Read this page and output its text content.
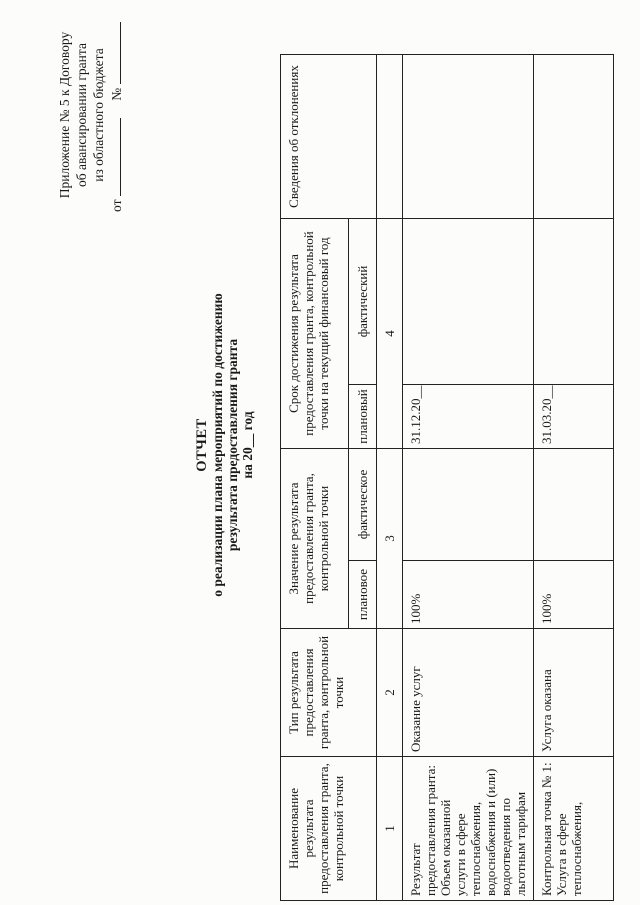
Приложение № 5 к Договору об авансировании гранта из областного бюджета
от  №
ОТЧЕТ о реализации плана мероприятий по достижению результата предоставления гранта на 20__ год
Наименование результата предоставления гранта, контрольной точки	Тип результата предоставления гранта, контрольной точки	Значение результата предоставления гранта, контрольной точки		Срок достижения результата предоставления гранта, контрольной точки на текущий финансовый год		Сведения об отклонениях
		плановое	фактическое	плановый	фактический	
1	2	3		4		
Результат предоставления гранта: Объем оказанной услуги в сфере теплоснабжения, водоснабжения и (или) водоотведения по льготным тарифам	Оказание услуг	100%		31.12.20__		
Контрольная точка № 1: Услуга в сфере теплоснабжения,	Услуга оказана	100%		31.03.20__		
